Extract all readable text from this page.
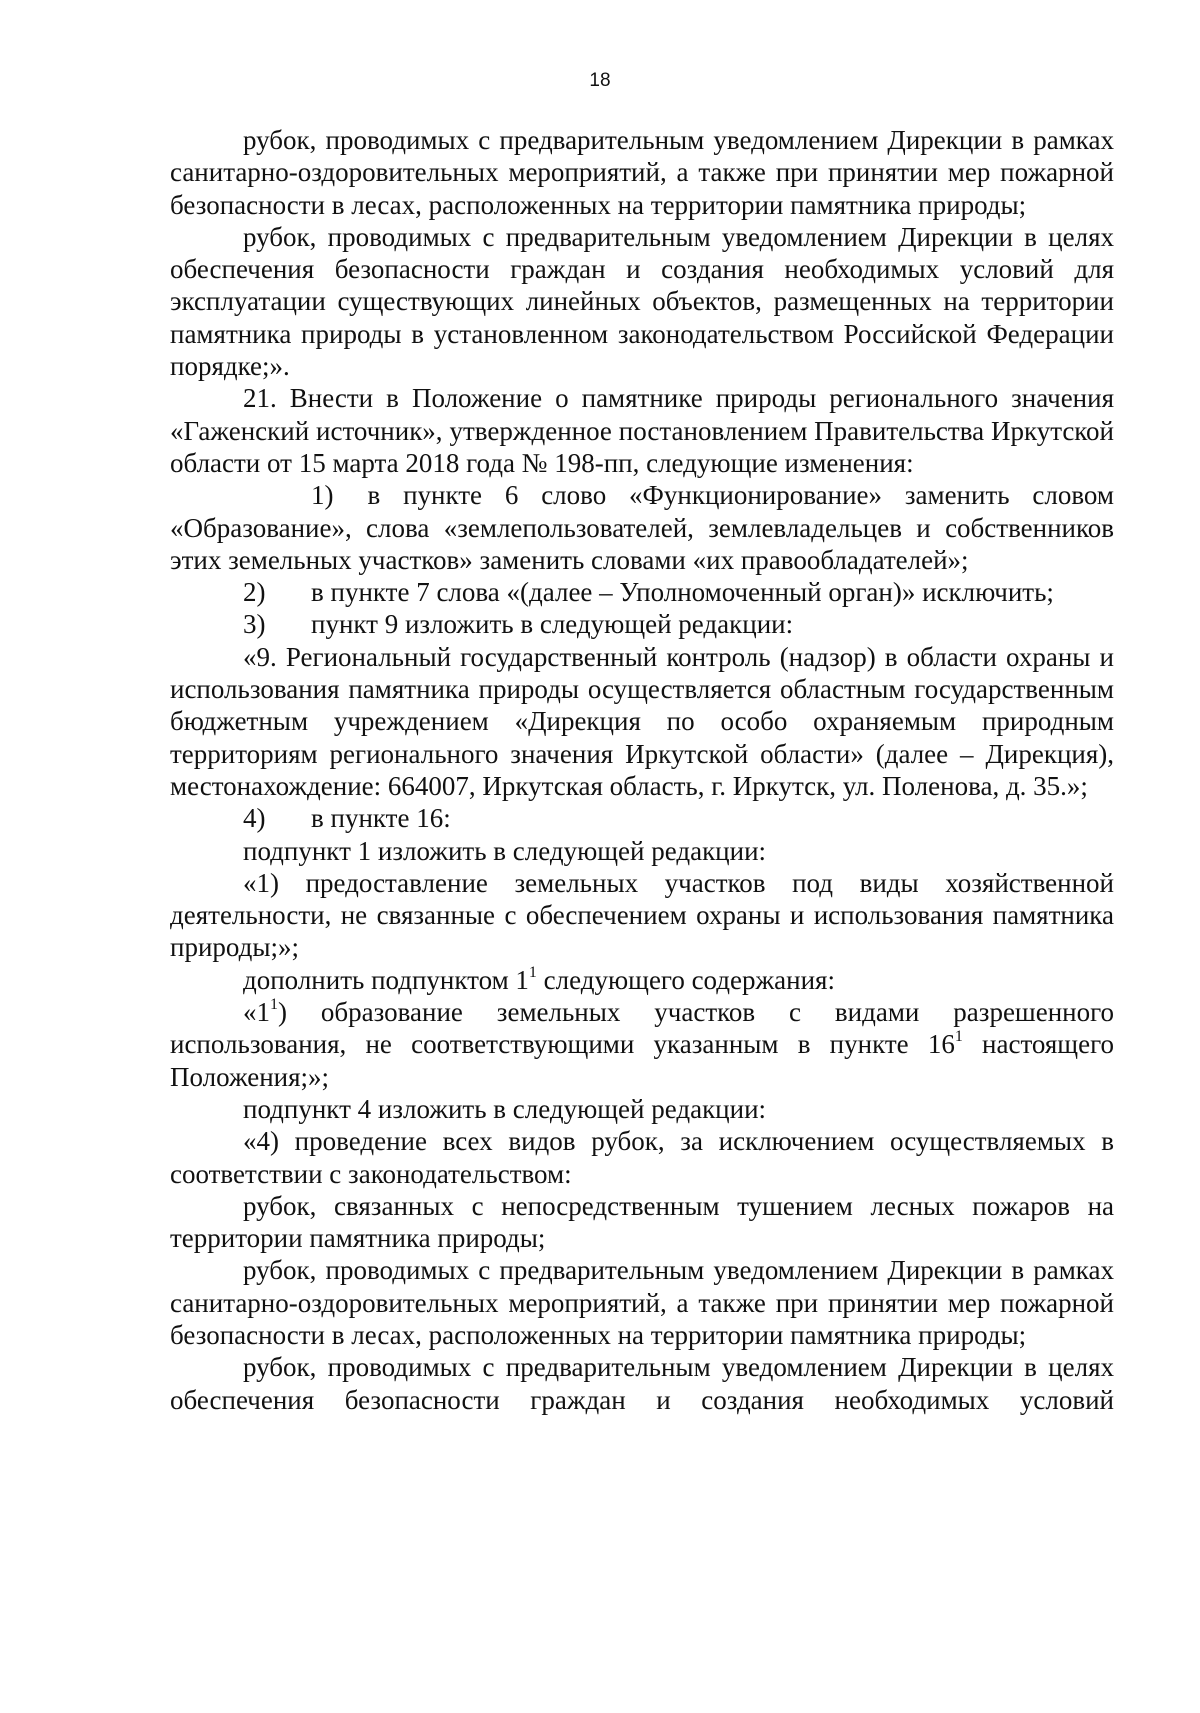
18

рубок, проводимых с предварительным уведомлением Дирекции в рамках санитарно-оздоровительных мероприятий, а также при принятии мер пожарной безопасности в лесах, расположенных на территории памятника природы;

рубок, проводимых с предварительным уведомлением Дирекции в целях обеспечения безопасности граждан и создания необходимых условий для эксплуатации существующих линейных объектов, размещенных на территории памятника природы в установленном законодательством Российской Федерации порядке;».

21. Внести в Положение о памятнике природы регионального значения «Гаженский источник», утвержденное постановлением Правительства Иркутской области от 15 марта 2018 года № 198-пп, следующие изменения:

1) в пункте 6 слово «Функционирование» заменить словом «Образование», слова «землепользователей, землевладельцев и собственников этих земельных участков» заменить словами «их правообладателей»;

2) в пункте 7 слова «(далее – Уполномоченный орган)» исключить;

3) пункт 9 изложить в следующей редакции:

«9. Региональный государственный контроль (надзор) в области охраны и использования памятника природы осуществляется областным государственным бюджетным учреждением «Дирекция по особо охраняемым природным территориям регионального значения Иркутской области» (далее – Дирекция), местонахождение: 664007, Иркутская область, г. Иркутск, ул. Поленова, д. 35.»;

4) в пункте 16:

подпункт 1 изложить в следующей редакции:

«1) предоставление земельных участков под виды хозяйственной деятельности, не связанные с обеспечением охраны и использования памятника природы;»;

дополнить подпунктом $1^1$ следующего содержания:

«$1^1$) образование земельных участков с видами разрешенного использования, не соответствующими указанным в пункте $16^1$ настоящего Положения;»;

подпункт 4 изложить в следующей редакции:

«4) проведение всех видов рубок, за исключением осуществляемых в соответствии с законодательством:

рубок, связанных с непосредственным тушением лесных пожаров на территории памятника природы;

рубок, проводимых с предварительным уведомлением Дирекции в рамках санитарно-оздоровительных мероприятий, а также при принятии мер пожарной безопасности в лесах, расположенных на территории памятника природы;

рубок, проводимых с предварительным уведомлением Дирекции в целях обеспечения безопасности граждан и создания необходимых условий
